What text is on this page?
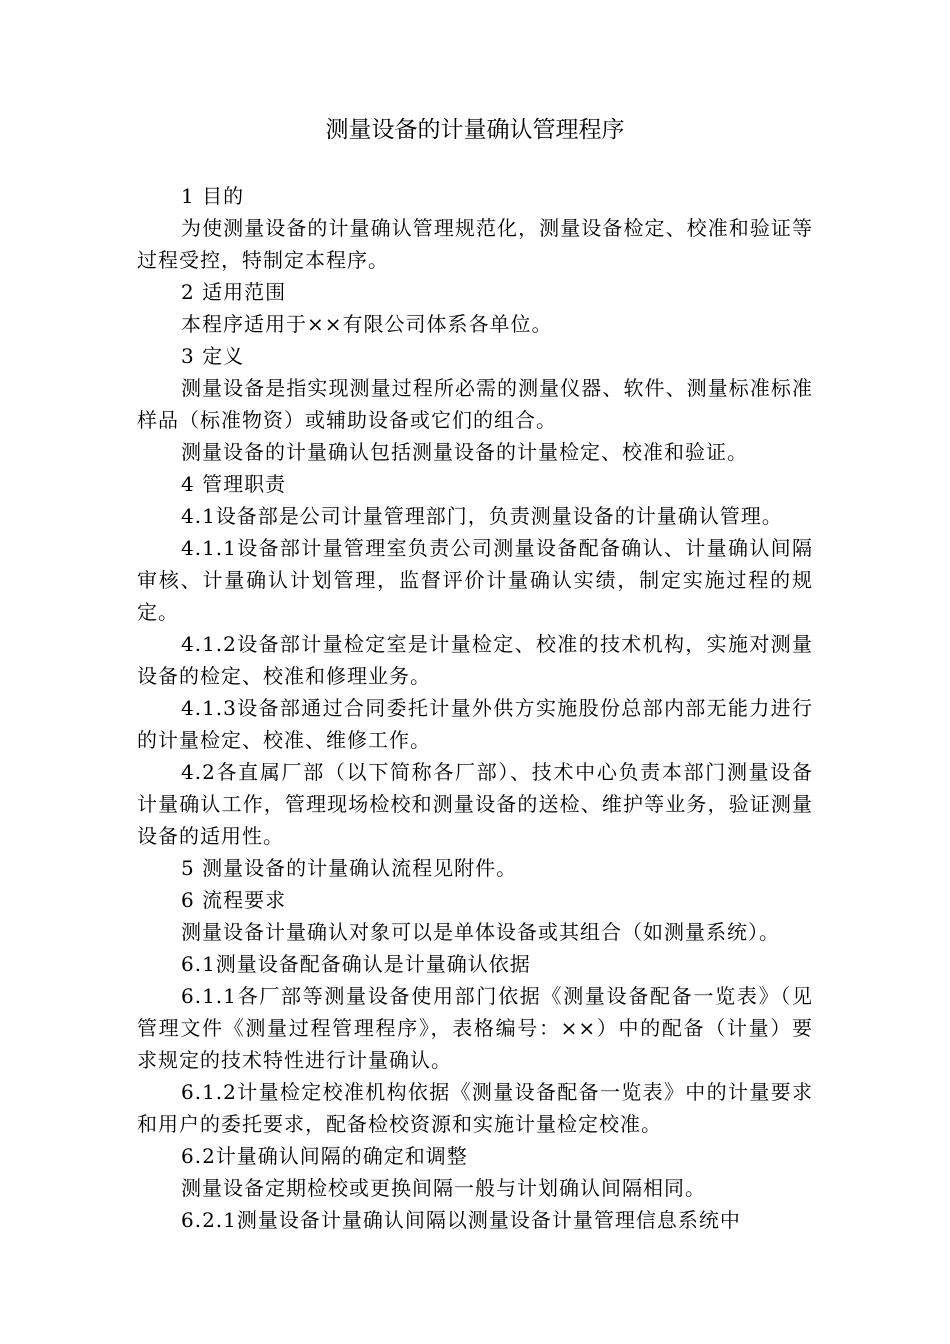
测量设备的计量确认管理程序

1 目的

为使测量设备的计量确认管理规范化，测量设备检定、校准和验证等过程受控，特制定本程序。

2 适用范围

本程序适用于××有限公司体系各单位。

3 定义

测量设备是指实现测量过程所必需的测量仪器、软件、测量标准标准样品（标准物资）或辅助设备或它们的组合。

测量设备的计量确认包括测量设备的计量检定、校准和验证。

4 管理职责

4.1设备部是公司计量管理部门，负责测量设备的计量确认管理。

4.1.1设备部计量管理室负责公司测量设备配备确认、计量确认间隔审核、计量确认计划管理，监督评价计量确认实绩，制定实施过程的规定。

4.1.2设备部计量检定室是计量检定、校准的技术机构，实施对测量设备的检定、校准和修理业务。

4.1.3设备部通过合同委托计量外供方实施股份总部内部无能力进行的计量检定、校准、维修工作。

4.2各直属厂部（以下简称各厂部）、技术中心负责本部门测量设备计量确认工作，管理现场检校和测量设备的送检、维护等业务，验证测量设备的适用性。

5 测量设备的计量确认流程见附件。

6 流程要求

测量设备计量确认对象可以是单体设备或其组合（如测量系统）。

6.1测量设备配备确认是计量确认依据

6.1.1各厂部等测量设备使用部门依据《测量设备配备一览表》（见管理文件《测量过程管理程序》，表格编号：××）中的配备（计量）要求规定的技术特性进行计量确认。

6.1.2计量检定校准机构依据《测量设备配备一览表》中的计量要求和用户的委托要求，配备检校资源和实施计量检定校准。

6.2计量确认间隔的确定和调整

测量设备定期检校或更换间隔一般与计划确认间隔相同。

6.2.1测量设备计量确认间隔以测量设备计量管理信息系统中
